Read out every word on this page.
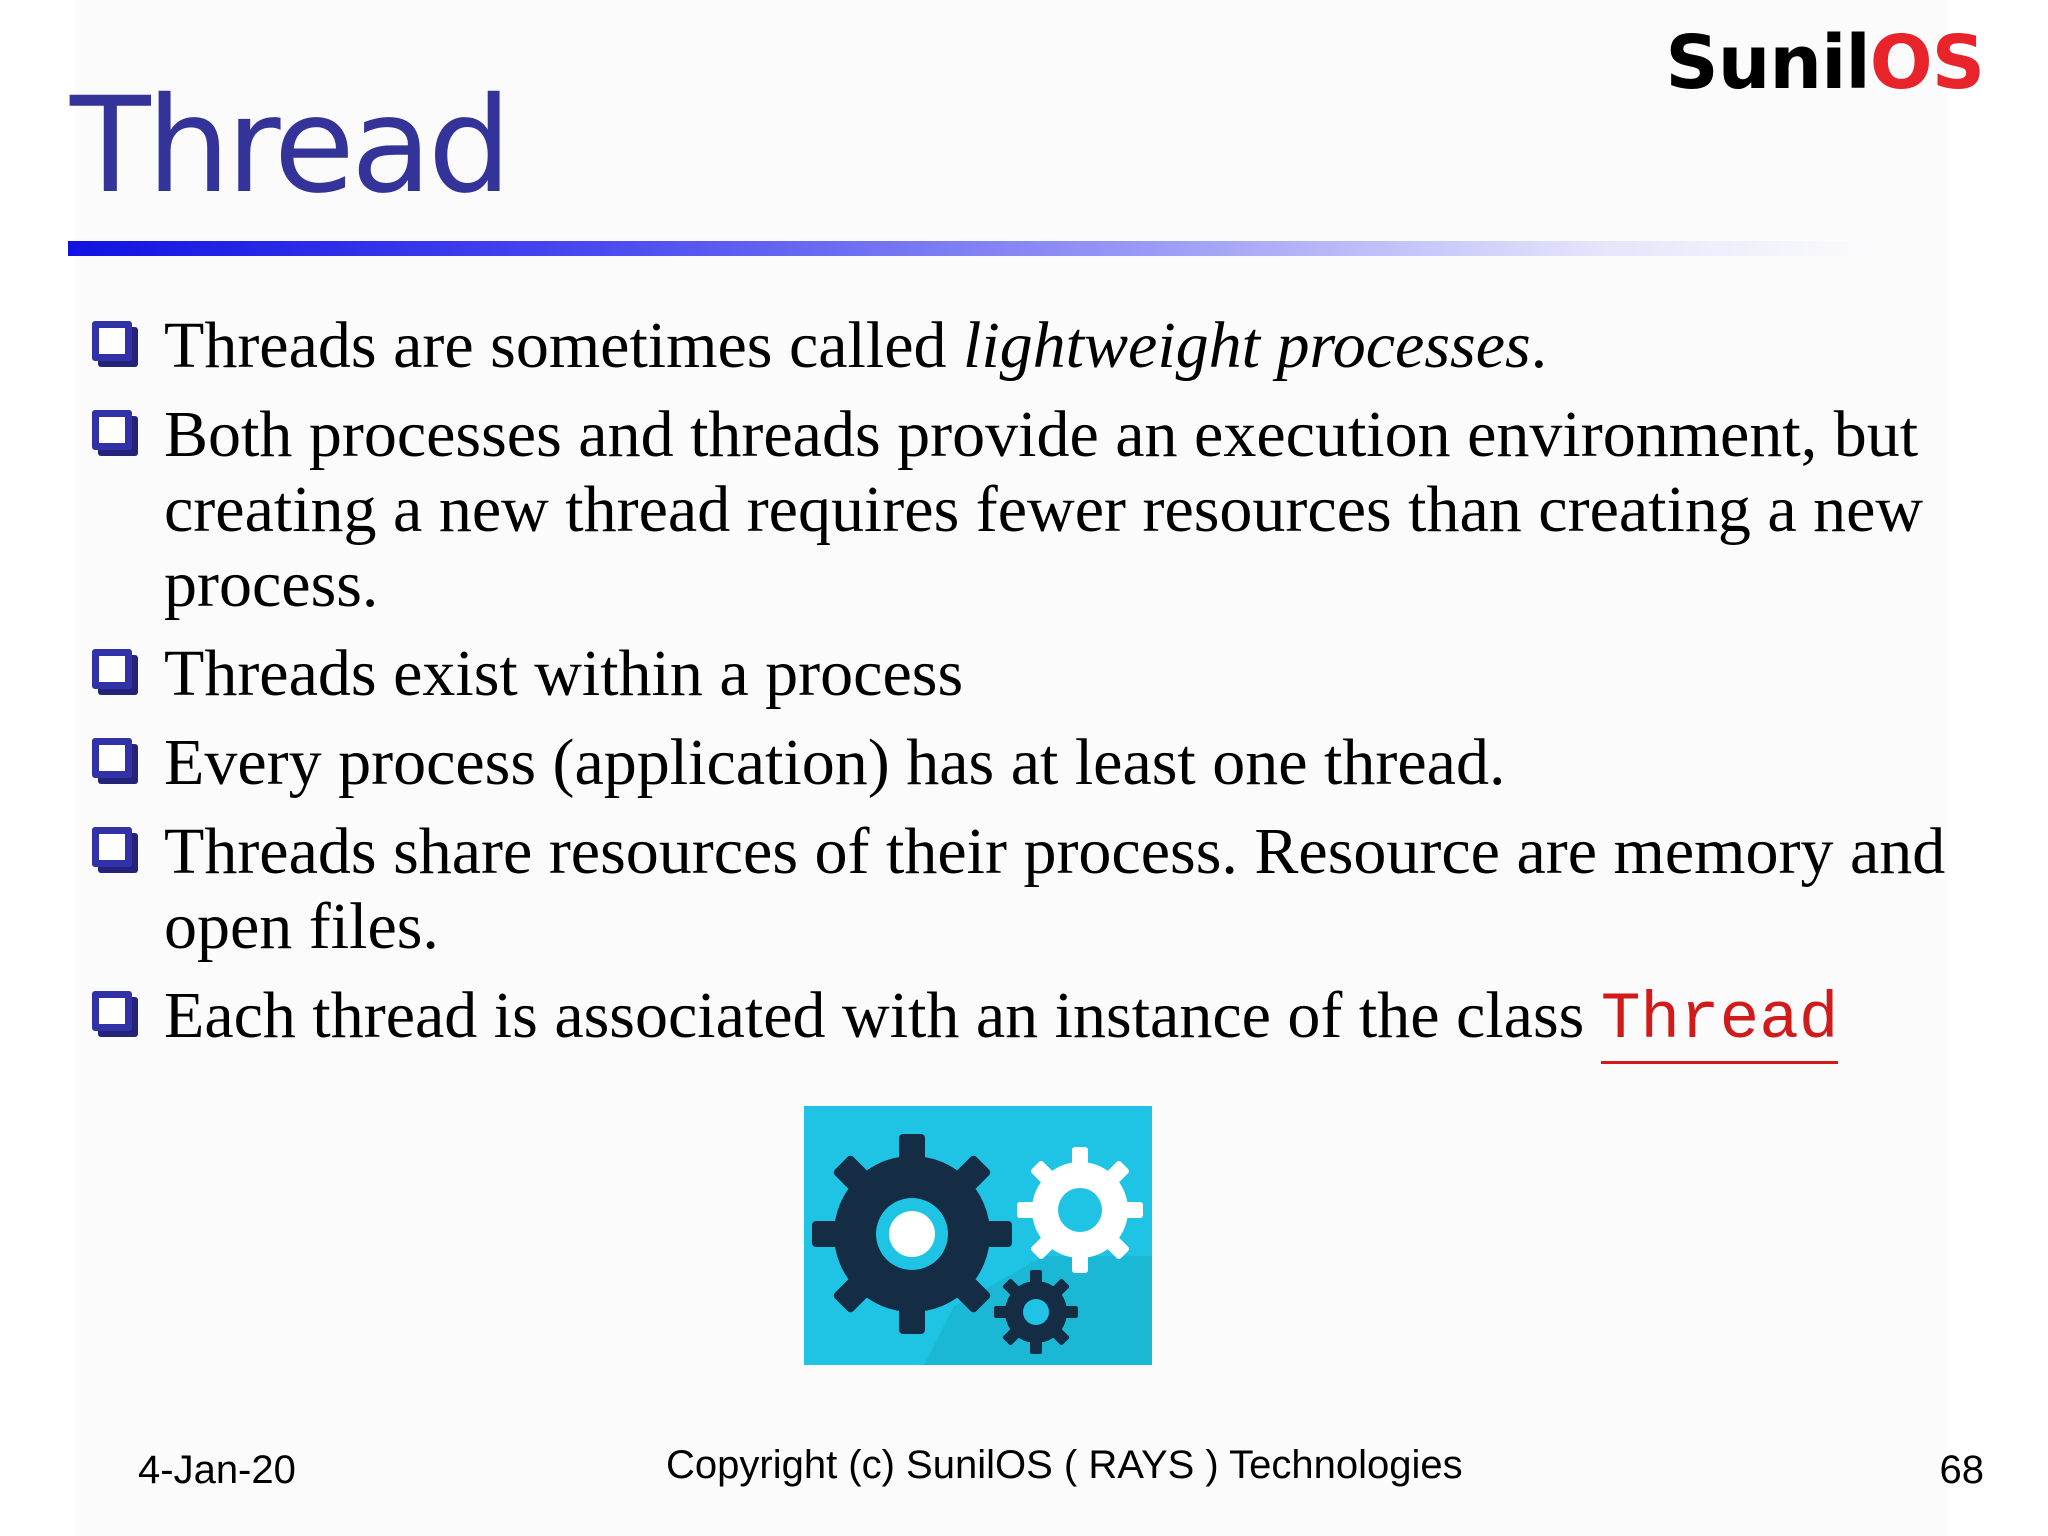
Thread
SunilOS
Threads are sometimes called lightweight processes.
Both processes and threads provide an execution environment, but creating a new thread requires fewer resources than creating a new process.
Threads exist within a process
Every process (application) has at least one thread.
Threads share resources of their process. Resource are memory and open files.
Each thread is associated with an instance of the class Thread
4-Jan-20	Copyright (c) SunilOS ( RAYS ) Technologies	68
